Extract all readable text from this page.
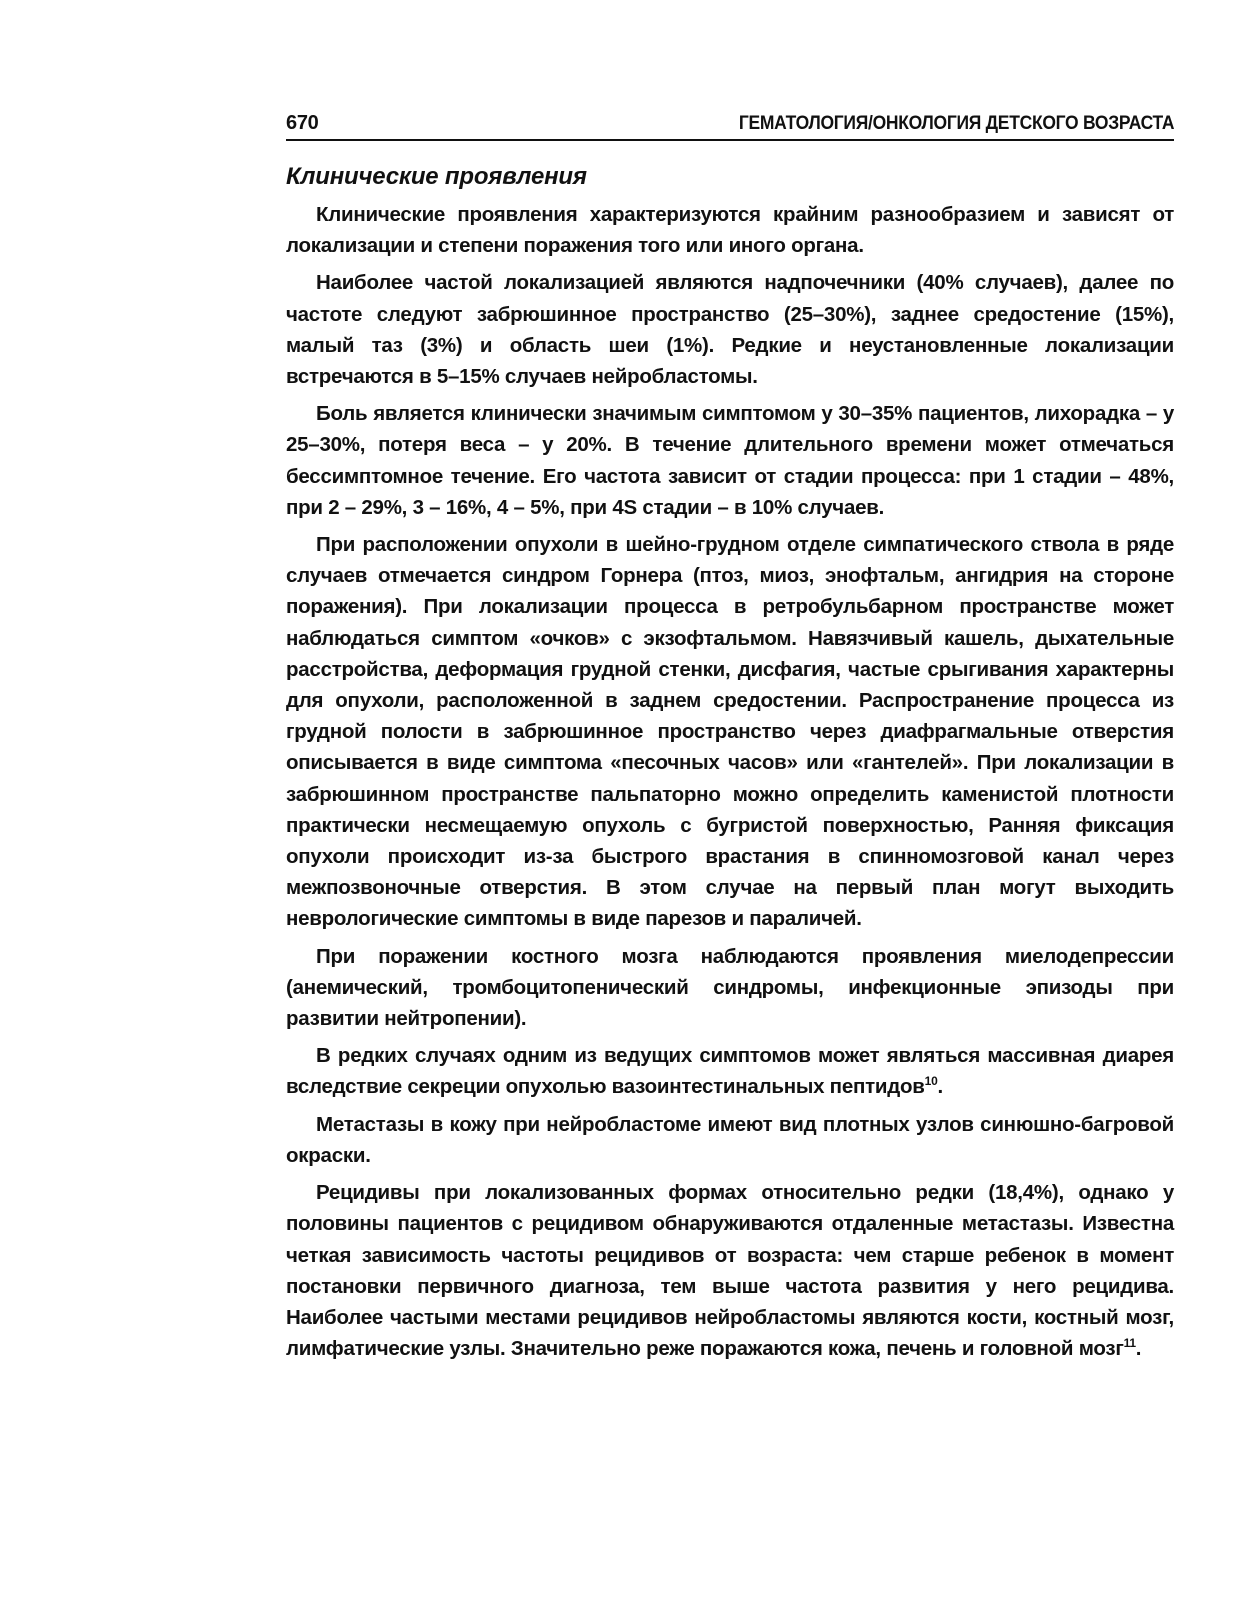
670	ГЕМАТОЛОГИЯ/ОНКОЛОГИЯ ДЕТСКОГО ВОЗРАСТА
Клинические проявления

Клинические проявления характеризуются крайним разнообразием и зависят от локализации и степени поражения того или иного органа.

Наиболее частой локализацией являются надпочечники (40% случаев), далее по частоте следуют забрюшинное пространство (25–30%), заднее средостение (15%), малый таз (3%) и область шеи (1%). Редкие и неустановленные локализации встречаются в 5–15% случаев нейробластомы.

Боль является клинически значимым симптомом у 30–35% пациентов, лихорадка – у 25–30%, потеря веса – у 20%. В течение длительного времени может отмечаться бессимптомное течение. Его частота зависит от стадии процесса: при 1 стадии – 48%, при 2 – 29%, 3 – 16%, 4 – 5%, при 4S стадии – в 10% случаев.

При расположении опухоли в шейно-грудном отделе симпатического ствола в ряде случаев отмечается синдром Горнера (птоз, миоз, энофтальм, ангидрия на стороне поражения). При локализации процесса в ретробульбарном пространстве может наблюдаться симптом «очков» с экзофтальмом. Навязчивый кашель, дыхательные расстройства, деформация грудной стенки, дисфагия, частые срыгивания характерны для опухоли, расположенной в заднем средостении. Распространение процесса из грудной полости в забрюшинное пространство через диафрагмальные отверстия описывается в виде симптома «песочных часов» или «гантелей». При локализации в забрюшинном пространстве пальпаторно можно определить каменистой плотности практически несмещаемую опухоль с бугристой поверхностью, Ранняя фиксация опухоли происходит из-за быстрого врастания в спинномозговой канал через межпозвоночные отверстия. В этом случае на первый план могут выходить неврологические симптомы в виде парезов и параличей.

При поражении костного мозга наблюдаются проявления миелодепрессии (анемический, тромбоцитопенический синдромы, инфекционные эпизоды при развитии нейтропении).

В редких случаях одним из ведущих симптомов может являться массивная диарея вследствие секреции опухолью вазоинтестинальных пептидов$^{10}$.

Метастазы в кожу при нейробластоме имеют вид плотных узлов синюшно-багровой окраски.

Рецидивы при локализованных формах относительно редки (18,4%), однако у половины пациентов с рецидивом обнаруживаются отдаленные метастазы. Известна четкая зависимость частоты рецидивов от возраста: чем старше ребенок в момент постановки первичного диагноза, тем выше частота развития у него рецидива. Наиболее частыми местами рецидивов нейробластомы являются кости, костный мозг, лимфатические узлы. Значительно реже поражаются кожа, печень и головной мозг$^{11}$.
